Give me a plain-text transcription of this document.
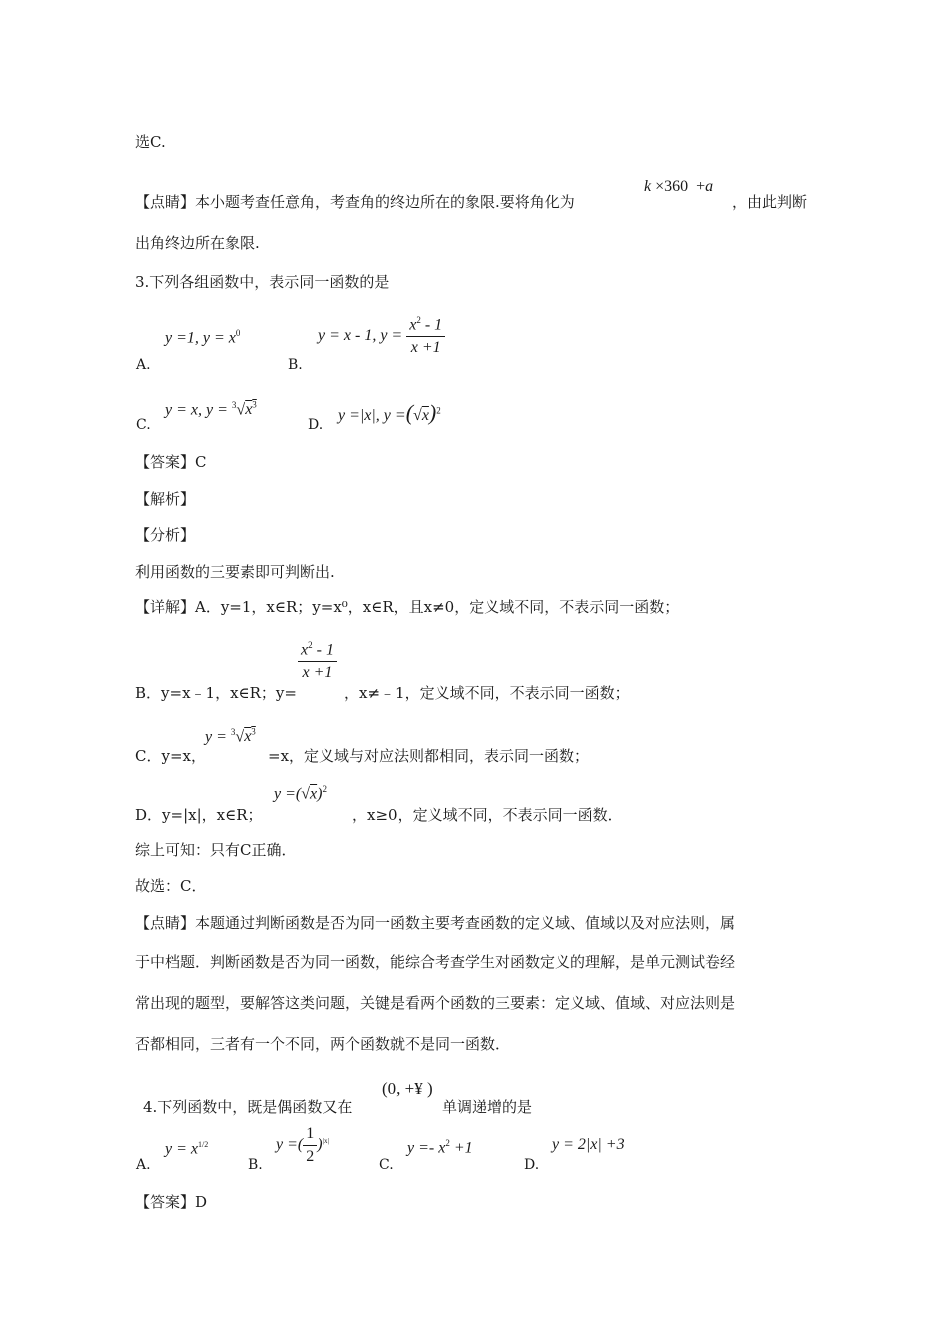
选C.
【点睛】本小题考查任意角，考查角的终边所在的象限.要将角化为
k ×360  +a
，由此判断
出角终边所在象限.
3.下列各组函数中，表示同一函数的是
y =1, $y = x^0$
A.
y = x - 1, $y = \frac{x^2 - 1}{x +1}$
B.
y = x, $y = ^3√x^3$
C.
y =|x|, $y =(√x)^2$
D.
【答案】C
【解析】
【分析】
利用函数的三要素即可判断出.
【详解】A．y=1，x∈R；y=x⁰，x∈R，且x≠0，定义域不同，不表示同一函数；
$\frac{x^2 - 1}{x +1}$
B．y=x﹣1，x∈R；y=	，x≠﹣1，定义域不同，不表示同一函数；
C．y=x，
$y = ^3√x^3$
=x，定义域与对应法则都相同，表示同一函数；
D．y=|x|，x∈R；
$y =(√x)^2$
，x≥0，定义域不同，不表示同一函数．
综上可知：只有C正确．
故选：C．
【点睛】本题通过判断函数是否为同一函数主要考查函数的定义域、值域以及对应法则，属
于中档题．判断函数是否为同一函数，能综合考查学生对函数定义的理解，是单元测试卷经
常出现的题型，要解答这类问题，关键是看两个函数的三要素：定义域、值域、对应法则是
否都相同，三者有一个不同，两个函数就不是同一函数．
4.下列函数中，既是偶函数又在
(0, +¥ )
单调递增的是
$y = x^{1/2}$
A.
y =( $\frac{1}{2} )^{|x|}$
B.
$y =- x^2 +1$
C.
y = 2|x| +3
D.
【答案】D
